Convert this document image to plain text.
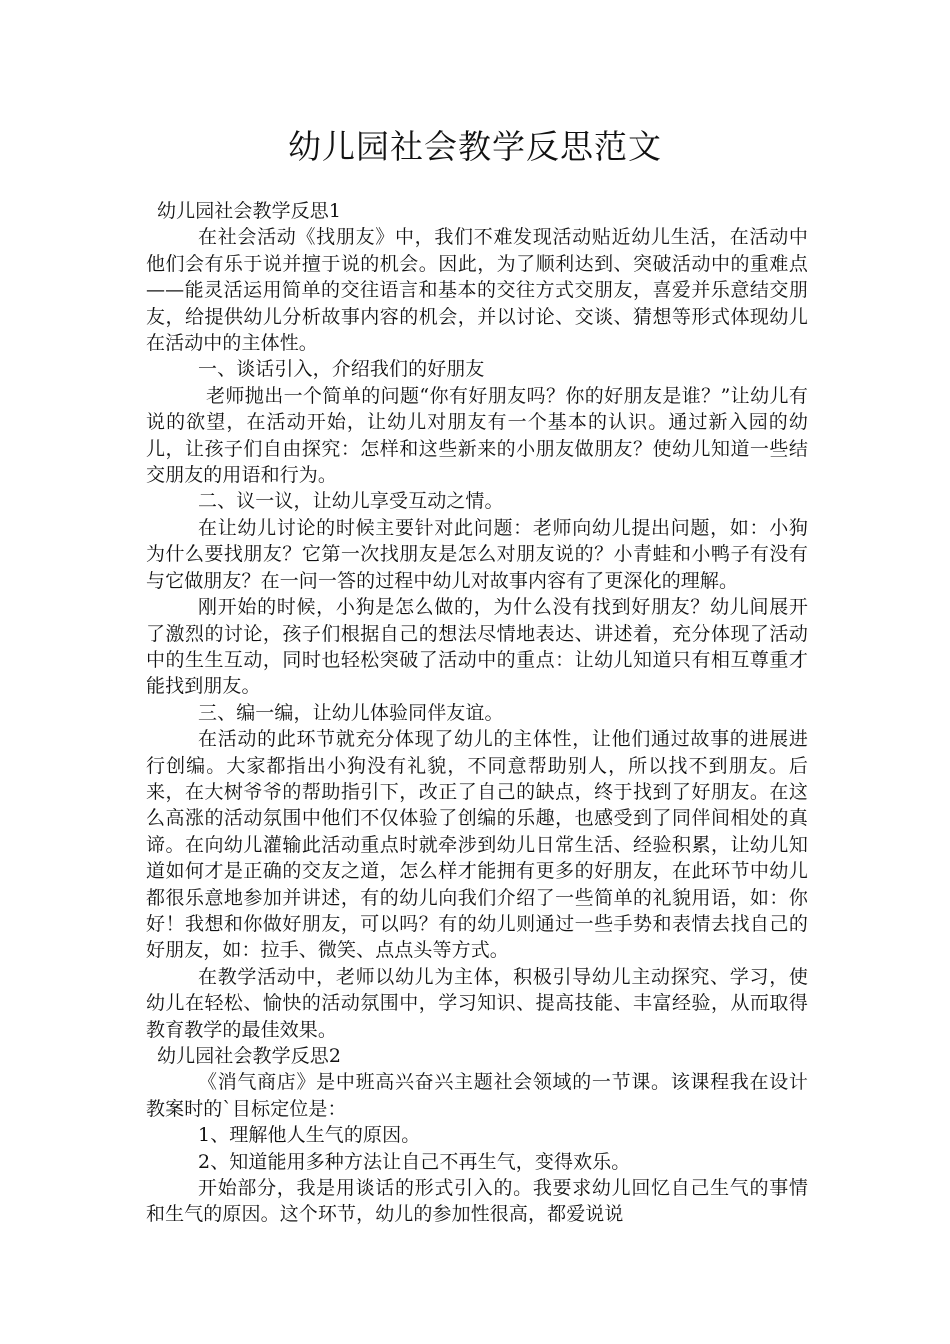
幼儿园社会教学反思范文

幼儿园社会教学反思1

在社会活动《找朋友》中，我们不难发现活动贴近幼儿生活，在活动中他们会有乐于说并擅于说的机会。因此，为了顺利达到、突破活动中的重难点——能灵活运用简单的交往语言和基本的交往方式交朋友，喜爱并乐意结交朋友，给提供幼儿分析故事内容的机会，并以讨论、交谈、猜想等形式体现幼儿在活动中的主体性。

一、谈话引入，介绍我们的好朋友

老师抛出一个简单的问题“你有好朋友吗？你的好朋友是谁？”让幼儿有说的欲望，在活动开始，让幼儿对朋友有一个基本的认识。通过新入园的幼儿，让孩子们自由探究：怎样和这些新来的小朋友做朋友？使幼儿知道一些结交朋友的用语和行为。

二、议一议，让幼儿享受互动之情。

在让幼儿讨论的时候主要针对此问题：老师向幼儿提出问题，如：小狗为什么要找朋友？它第一次找朋友是怎么对朋友说的？小青蛙和小鸭子有没有与它做朋友？在一问一答的过程中幼儿对故事内容有了更深化的理解。

刚开始的时候，小狗是怎么做的，为什么没有找到好朋友？幼儿间展开了激烈的讨论，孩子们根据自己的想法尽情地表达、讲述着，充分体现了活动中的生生互动，同时也轻松突破了活动中的重点：让幼儿知道只有相互尊重才能找到朋友。

三、编一编，让幼儿体验同伴友谊。

在活动的此环节就充分体现了幼儿的主体性，让他们通过故事的进展进行创编。大家都指出小狗没有礼貌，不同意帮助别人，所以找不到朋友。后来，在大树爷爷的帮助指引下，改正了自己的缺点，终于找到了好朋友。在这么高涨的活动氛围中他们不仅体验了创编的乐趣，也感受到了同伴间相处的真谛。在向幼儿灌输此活动重点时就牵涉到幼儿日常生活、经验积累，让幼儿知道如何才是正确的交友之道，怎么样才能拥有更多的好朋友，在此环节中幼儿都很乐意地参加并讲述，有的幼儿向我们介绍了一些简单的礼貌用语，如：你好！我想和你做好朋友，可以吗？有的幼儿则通过一些手势和表情去找自己的好朋友，如：拉手、微笑、点点头等方式。

在教学活动中，老师以幼儿为主体，积极引导幼儿主动探究、学习，使幼儿在轻松、愉快的活动氛围中，学习知识、提高技能、丰富经验，从而取得教育教学的最佳效果。

幼儿园社会教学反思2

《消气商店》是中班高兴奋兴主题社会领域的一节课。该课程我在设计教案时的`目标定位是：

1、理解他人生气的原因。

2、知道能用多种方法让自己不再生气，变得欢乐。

开始部分，我是用谈话的形式引入的。我要求幼儿回忆自己生气的事情和生气的原因。这个环节，幼儿的参加性很高，都爱说说
